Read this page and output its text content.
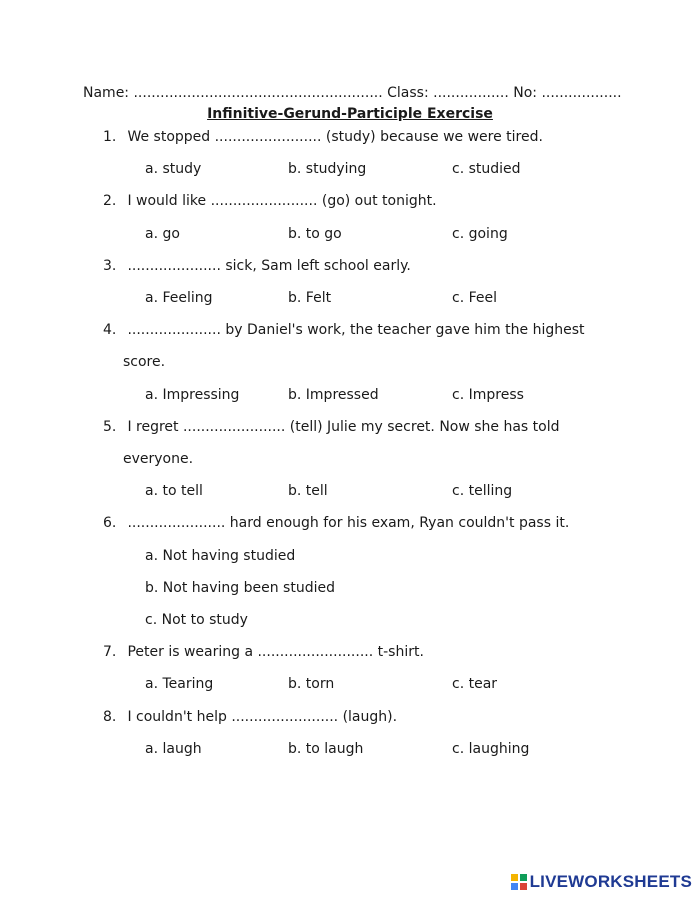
Name: ........................................................ Class: ................. No: ..................
Infinitive-Gerund-Participle Exercise
1. We stopped ........................ (study) because we were tired.
a. study	b. studying	c. studied
2. I would like ........................ (go) out tonight.
a. go	b. to go	c. going
3. ..................... sick, Sam left school early.
a. Feeling	b. Felt	c. Feel
4. ..................... by Daniel's work, the teacher gave him the highest
score.
a. Impressing	b. Impressed	c. Impress
5. I regret ....................... (tell) Julie my secret. Now she has told
everyone.
a. to tell	b. tell	c. telling
6. ...................... hard enough for his exam, Ryan couldn't pass it.
a. Not having studied
b. Not having been studied
c. Not to study
7. Peter is wearing a .......................... t-shirt.
a. Tearing	b. torn	c. tear
8. I couldn't help ........................ (laugh).
a. laugh	b. to laugh	c. laughing
LIVEWORKSHEETS
